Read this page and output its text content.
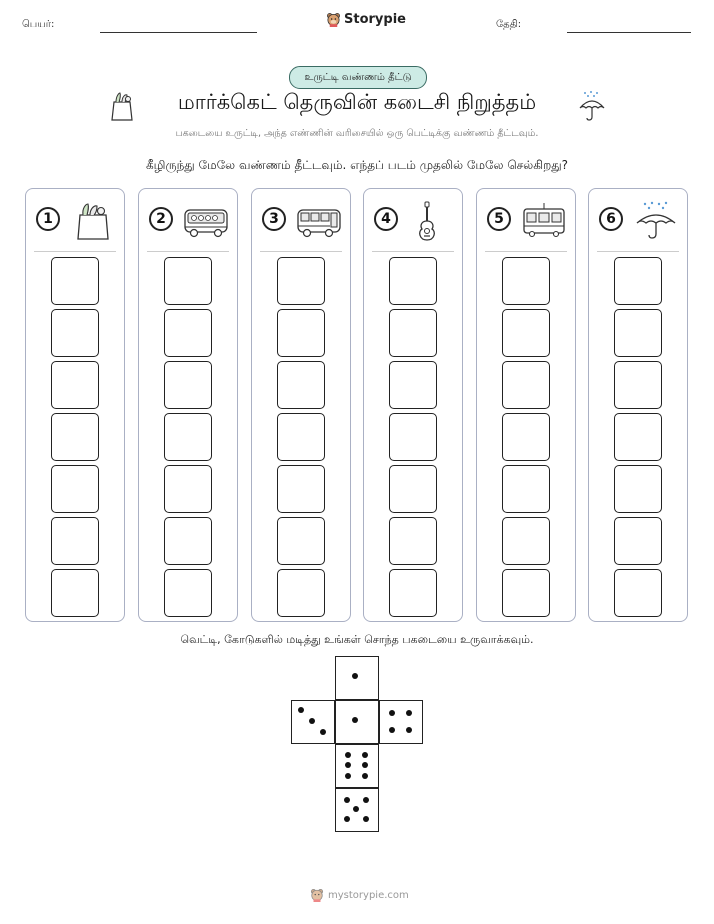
பெயர்:	Storypie	தேதி:
உருட்டி வண்ணம் தீட்டு
மார்க்கெட் தெருவின் கடைசி நிறுத்தம்
பகடையை உருட்டி, அந்த எண்ணின் வரிசையில் ஒரு பெட்டிக்கு வண்ணம் தீட்டவும்.
கீழிருந்து மேலே வண்ணம் தீட்டவும். எந்தப் படம் முதலில் மேலே செல்கிறது?
1	2	3	4	5	6
வெட்டி, கோடுகளில் மடித்து உங்கள் சொந்த பகடையை உருவாக்கவும்.
mystorypie.com
